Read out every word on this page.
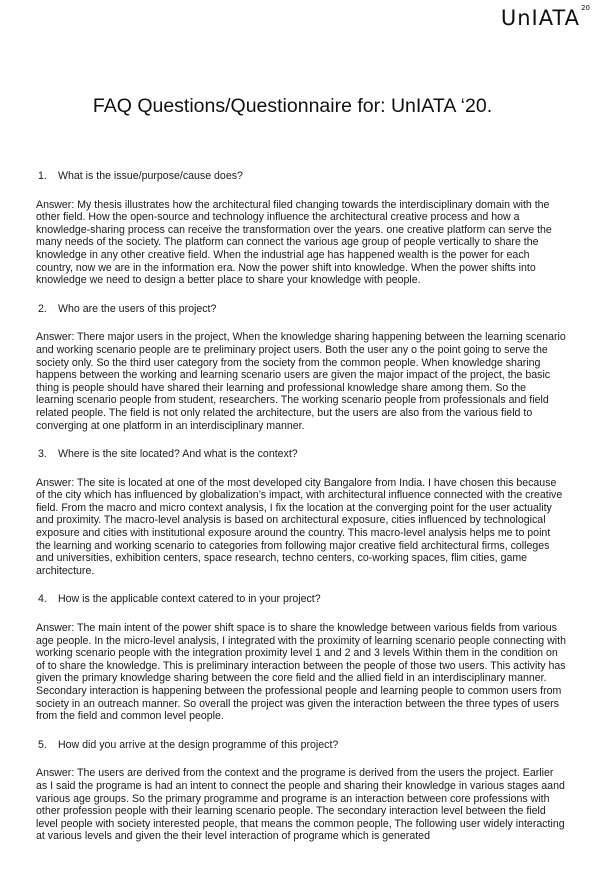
UnIATA 20
FAQ Questions/Questionnaire for: UnIATA ‘20.
1.	What is the issue/purpose/cause does?
Answer: My thesis illustrates how the architectural filed changing towards the interdisciplinary domain with the other field. How the open-source and technology influence the architectural creative process and how a knowledge-sharing process can receive the transformation over the years. one creative platform can serve the many needs of the society. The platform can connect the various age group of people vertically to share the knowledge in any other creative field. When the industrial age has happened wealth is the power for each country, now we are in the information era. Now the power shift into knowledge. When the power shifts into knowledge we need to design a better place to share your knowledge with people.
2.	Who are the users of this project?
Answer: There major users in the project, When the knowledge sharing happening between the learning scenario and working scenario people are te preliminary project users. Both the user any o the point going to serve the society only. So the third user category from the society from the common people. When knowledge sharing happens between the working and learning scenario users are given the major impact of the project, the basic thing is people should have shared their learning and professional knowledge share among them. So the learning scenario people from student, researchers. The working scenario people from professionals and field related people. The field is not only related the architecture, but the users are also from the various field to converging at one platform in an interdisciplinary manner.
3.	Where is the site located? And what is the context?
Answer: The site is located at one of the most developed city Bangalore from India. I have chosen this because of the city which has influenced by globalization’s impact, with architectural influence connected with the creative field. From the macro and micro context analysis, I fix the location at the converging point for the user actuality and proximity. The macro-level analysis is based on architectural exposure, cities influenced by technological exposure and cities with institutional exposure around the country. This macro-level analysis helps me to point the learning and working scenario to categories from following major creative field architectural firms, colleges and universities, exhibition centers, space research, techno centers, co-working spaces, flim cities, game architecture.
4.	How is the applicable context catered to in your project?
Answer: The main intent of the power shift space is to share the knowledge between various fields from various age people. In the micro-level analysis, I integrated with the proximity of learning scenario people connecting with working scenario people with the integration proximity level 1 and 2 and 3 levels Within them in the condition on of to share the knowledge. This is preliminary interaction between the people of those two users. This activity has given the primary knowledge sharing between the core field and the allied field in an interdisciplinary manner. Secondary interaction is happening between the professional people and learning people to common users from society in an outreach manner. So overall the project was given the interaction between the three types of users from the field and common level people.
5.	How did you arrive at the design programme of this project?
Answer: The users are derived from the context and the programe is derived from the users the project. Earlier as I said the programe is had an intent to connect the people and sharing their knowledge in various stages aand various age groups. So the primary programme and programe is an interaction between core professions with other profession people with their learning scenario people. The secondary interaction level between the field level people with society interested people, that means the common people, The following user widely interacting at various levels and given the their level interaction of programe which is generated
